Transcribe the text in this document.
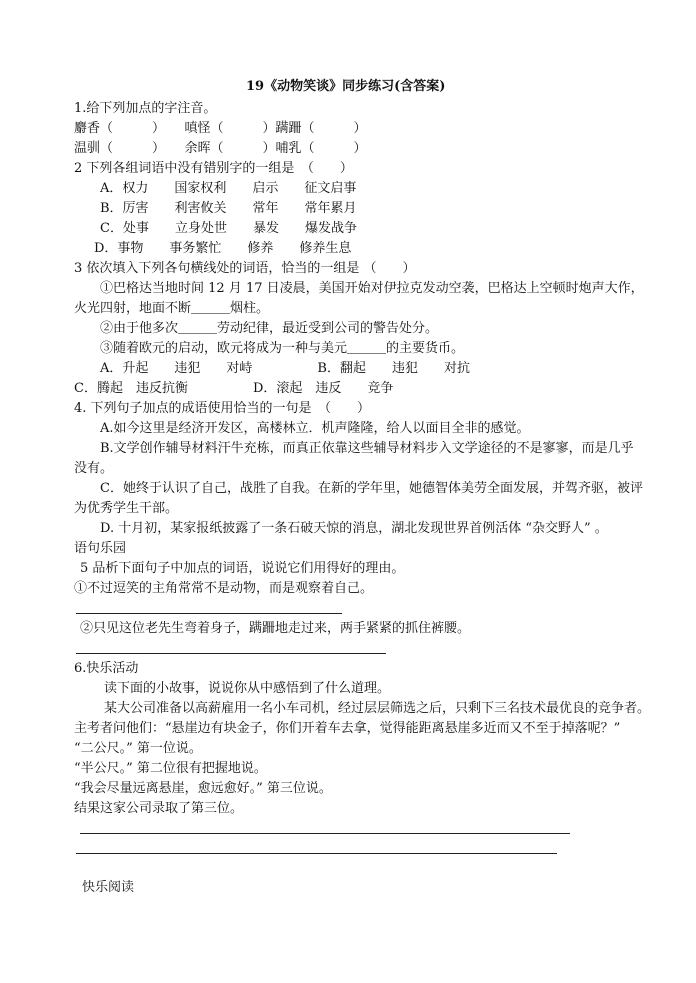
19《动物笑谈》同步练习(含答案)
1.给下列加点的字注音。
麝香（　　　）　　嗔怪（　　　）蹒跚（　　　）
温驯（　　　）　　余晖（　　　）哺乳（　　　）
2 下列各组词语中没有错别字的一组是　（　　）
A．权力　　国家权利　　启示　　征文启事
B．厉害　　利害攸关　　常年　　常年累月
C．处事　　立身处世　　暴发　　爆发战争
D．事物　　事务繁忙　　修养　　修养生息
3 依次填入下列各句横线处的词语，恰当的一组是 （　　）
①巴格达当地时间 12 月 17 日凌晨，美国开始对伊拉克发动空袭，巴格达上空顿时炮声大作，
火光四射，地面不断＿＿＿烟柱。
②由于他多次＿＿＿劳动纪律，最近受到公司的警告处分。
③随着欧元的启动，欧元将成为一种与美元＿＿＿的主要货币。
A．升起　　违犯　　对峙　　　　　B．翻起　　违犯　　对抗
C．腾起　违反抗衡　　　　　D．滚起　违反　　竞争
4. 下列句子加点的成语使用恰当的一句是　（　　）
A.如今这里是经济开发区，高楼林立．机声隆隆，给人以面目全非的感觉。
B.文学创作辅导材料汗牛充栋，而真正依靠这些辅导材料步入文学途径的不是寥寥，而是几乎
没有。
C．她终于认识了自己，战胜了自我。在新的学年里，她德智体美劳全面发展，并驾齐驱，被评
为优秀学生干部。
D. 十月初，某家报纸披露了一条石破天惊的消息，湖北发现世界首例活体 “杂交野人” 。
语句乐园
5 品析下面句子中加点的词语，说说它们用得好的理由。
①不过逗笑的主角常常不是动物，而是观察着自己。
②只见这位老先生弯着身子，蹒跚地走过来，两手紧紧的抓住裤腰。
6.快乐活动
读下面的小故事，说说你从中感悟到了什么道理。
某大公司准备以高薪雇用一名小车司机，经过层层筛选之后，只剩下三名技术最优良的竞争者。
主考者问他们：“悬崖边有块金子，你们开着车去拿，觉得能距离悬崖多近而又不至于掉落呢？”
“二公尺。” 第一位说。
“半公尺。” 第二位很有把握地说。
“我会尽量远离悬崖，愈远愈好。” 第三位说。
结果这家公司录取了第三位。
快乐阅读
